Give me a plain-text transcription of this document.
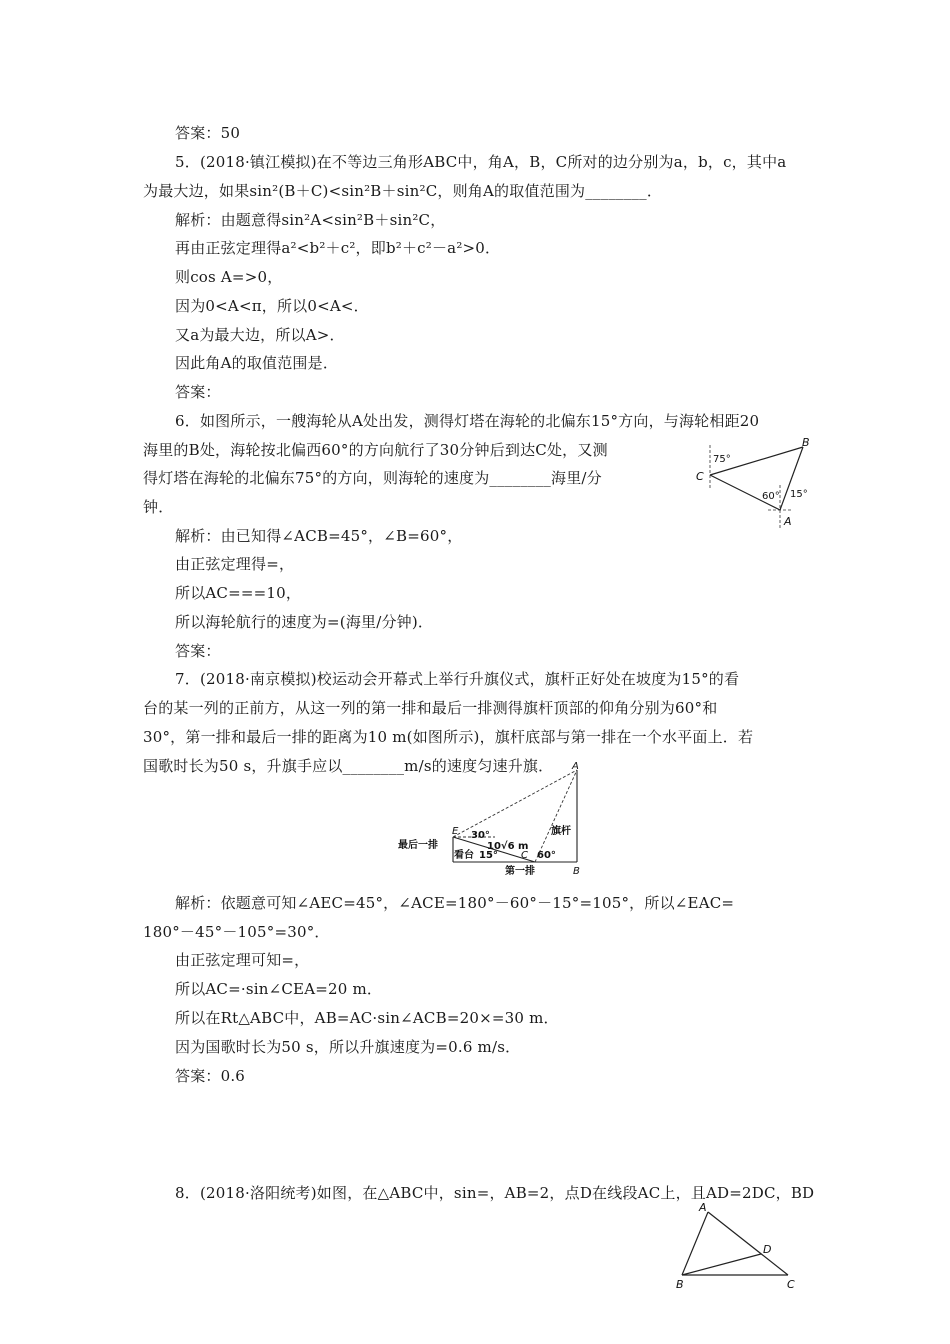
答案：50
5．(2018·镇江模拟)在不等边三角形ABC中，角A，B，C所对的边分别为a，b，c，其中a
为最大边，如果sin²(B＋C)<sin²B＋sin²C，则角A的取值范围为________．
解析：由题意得sin²A<sin²B＋sin²C，
再由正弦定理得a²<b²＋c²，即b²＋c²－a²>0．
则cos A=>0，
因为0<A<π，所以0<A<．
又a为最大边，所以A>．
因此角A的取值范围是．
答案：
6．如图所示，一艘海轮从A处出发，测得灯塔在海轮的北偏东15°方向，与海轮相距20
海里的B处，海轮按北偏西60°的方向航行了30分钟后到达C处，又测
得灯塔在海轮的北偏东75°的方向，则海轮的速度为________海里/分
钟．
解析：由已知得∠ACB=45°，∠B=60°，
由正弦定理得=，
所以AC===10，
所以海轮航行的速度为=(海里/分钟)．
答案：
7．(2018·南京模拟)校运动会开幕式上举行升旗仪式，旗杆正好处在坡度为15°的看
台的某一列的正前方，从这一列的第一排和最后一排测得旗杆顶部的仰角分别为60°和
30°，第一排和最后一排的距离为10 m(如图所示)，旗杆底部与第一排在一个水平面上．若
国歌时长为50 s，升旗手应以________m/s的速度匀速升旗．
解析：依题意可知∠AEC=45°，∠ACE=180°－60°－15°=105°，所以∠EAC=
180°－45°－105°=30°．
由正弦定理可知=，
所以AC=·sin∠CEA=20 m．
所以在Rt△ABC中，AB=AC·sin∠ACB=20×=30 m．
因为国歌时长为50 s，所以升旗速度为=0.6 m/s．
答案：0.6
8．(2018·洛阳统考)如图，在△ABC中，sin=，AB=2，点D在线段AC上，且AD=2DC，BD
B
C
A
75°
60° 15°
A
E
C
B
30°
60°
15°
10√6 m
旗杆
最后一排
看台
第一排
A
B	C
D
